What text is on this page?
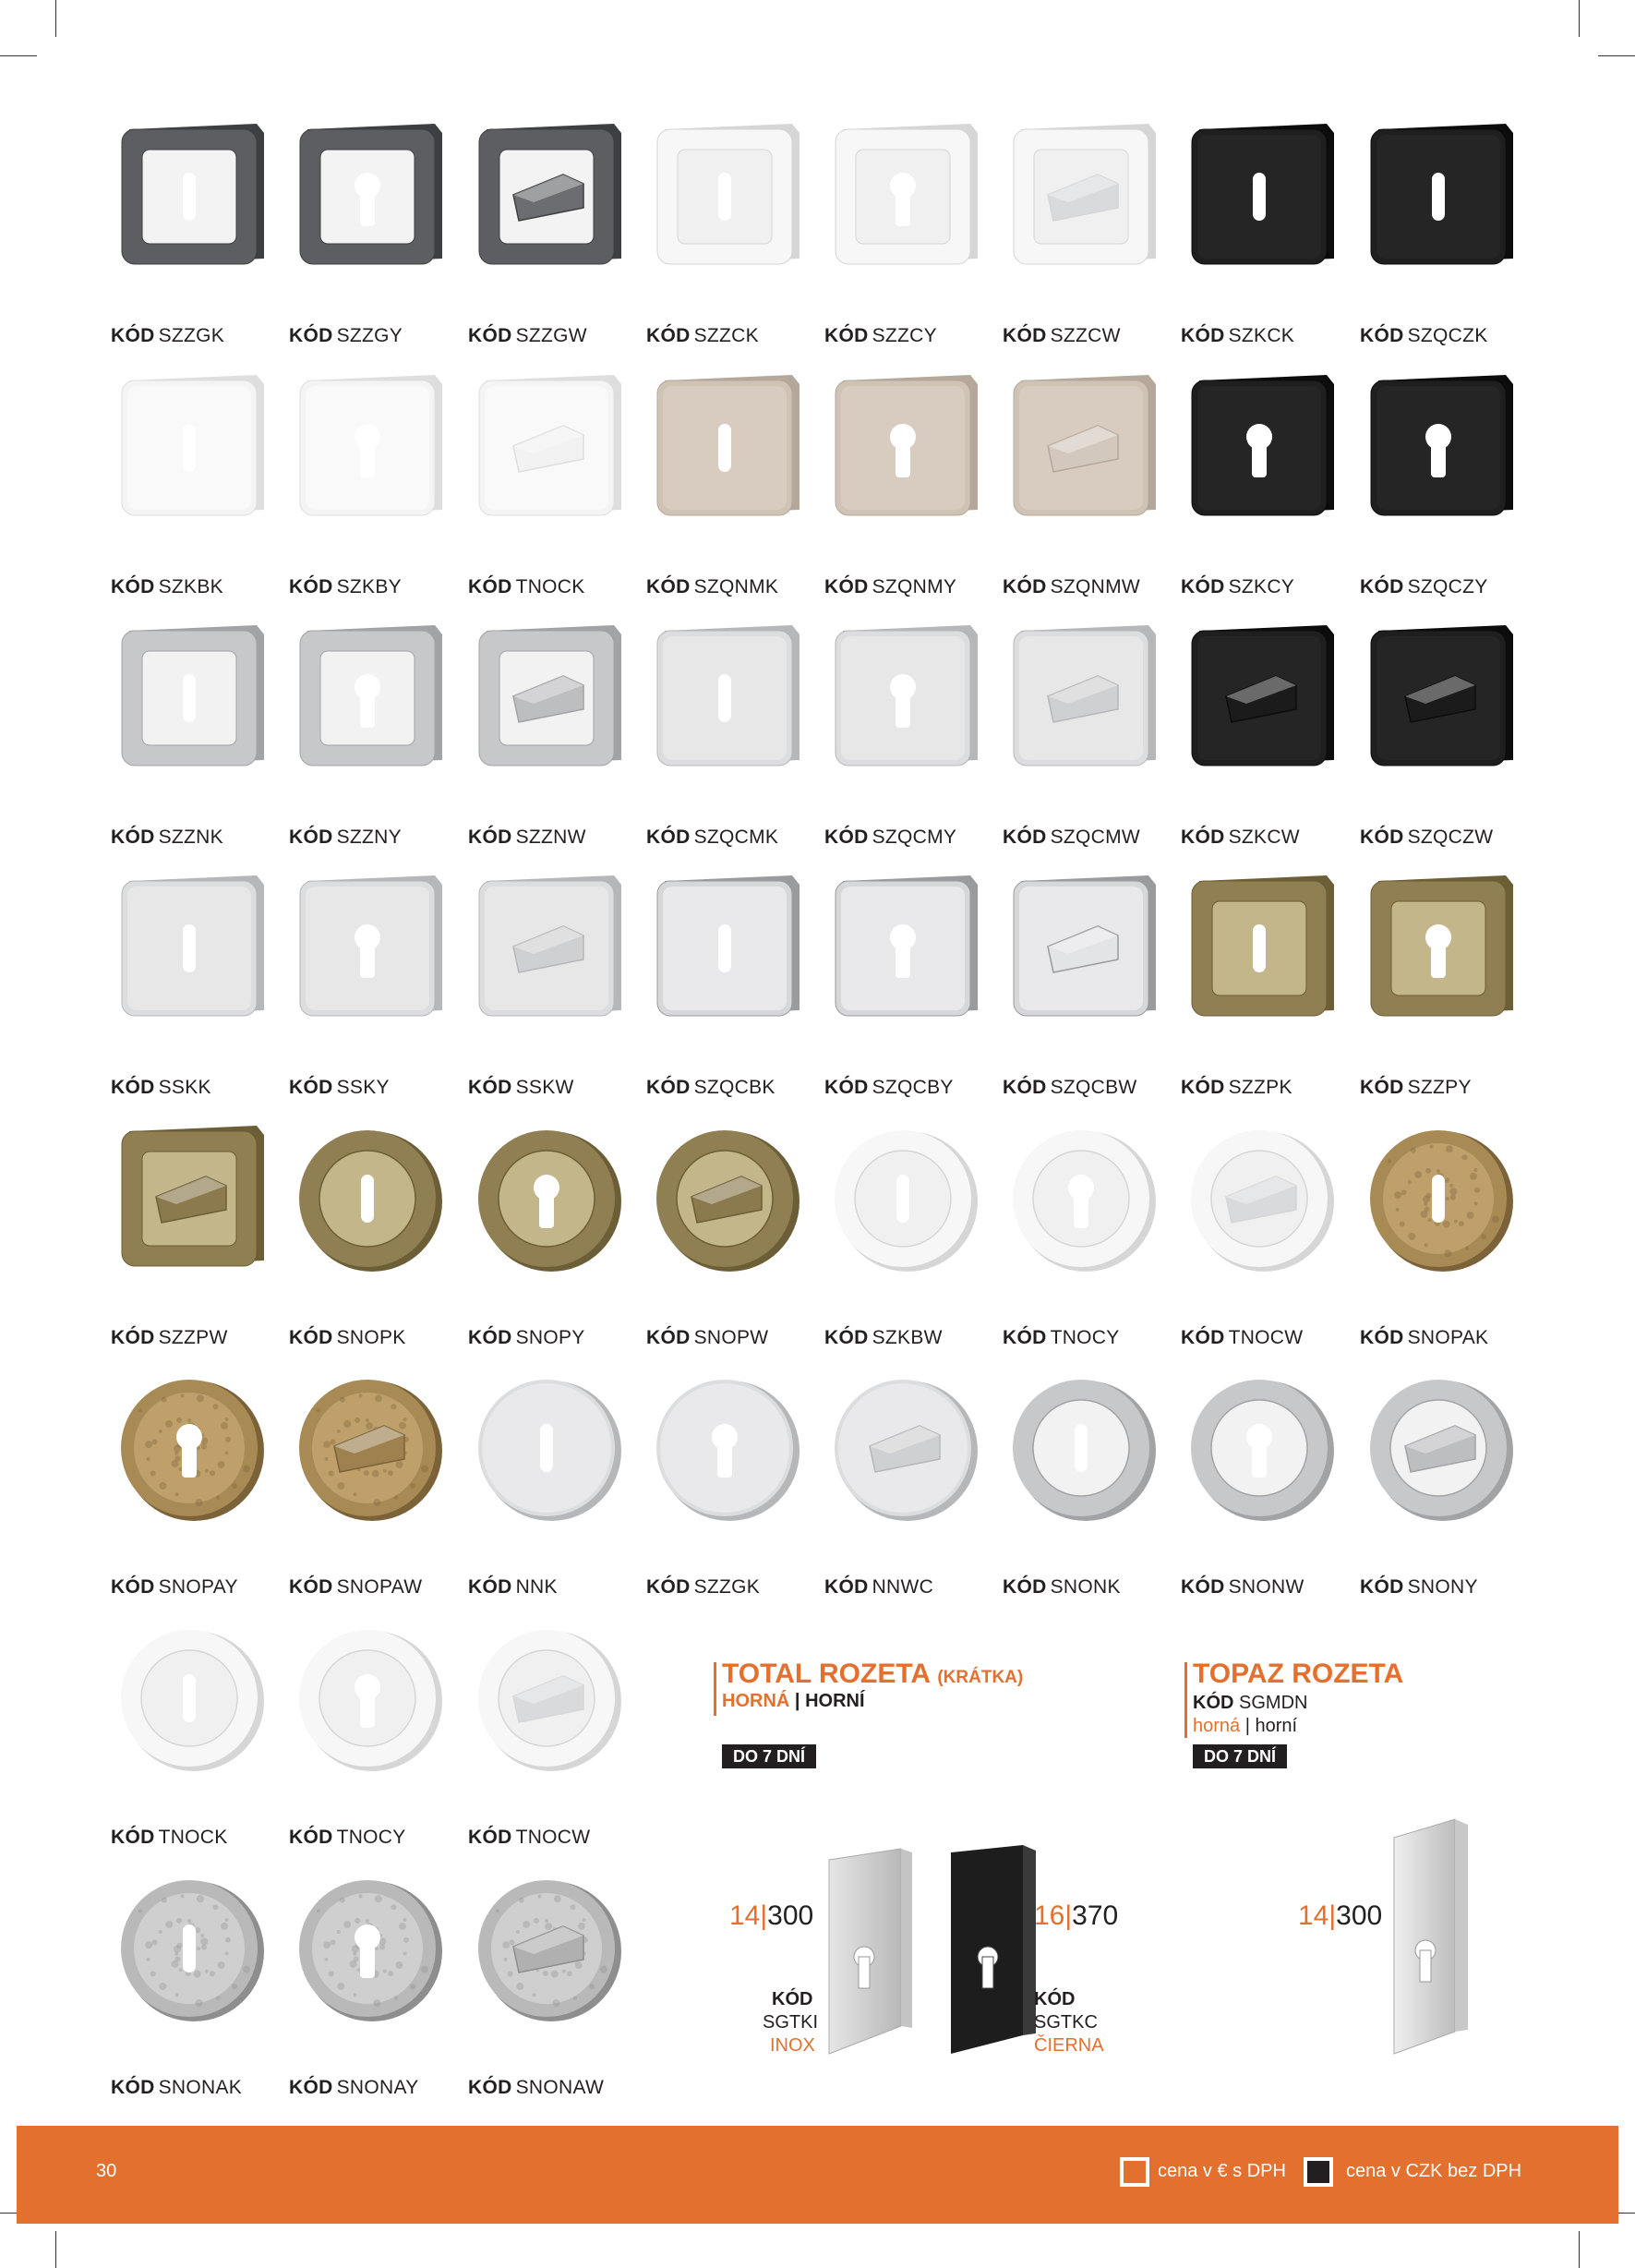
KÓD SZZGK	KÓD SZZGY	KÓD SZZGW	KÓD SZZCK	KÓD SZZCY	KÓD SZZCW	KÓD SZKCK	KÓD SZQCZK
KÓD SZKBK	KÓD SZKBY	KÓD TNOCK	KÓD SZQNMK KÓD SZQNMY KÓD SZQNMW KÓD SZKCY	KÓD SZQCZY
KÓD SZZNK	KÓD SZZNY	KÓD SZZNW	KÓD SZQCMK KÓD SZQCMY KÓD SZQCMW KÓD SZKCW	KÓD SZQCZW
KÓD SSKK	KÓD SSKY	KÓD SSKW	KÓD SZQCBK	KÓD SZQCBY	KÓD SZQCBW KÓD SZZPK	KÓD SZZPY
KÓD SZZPW	KÓD SNOPK	KÓD SNOPY	KÓD SNOPW	KÓD SZKBW	KÓD TNOCY	KÓD TNOCW	KÓD SNOPAK
KÓD SNOPAY	KÓD SNOPAW KÓD NNK	KÓD SZZGK	KÓD NNWC	KÓD SNONK	KÓD SNONW	KÓD SNONY
KÓD TNOCK	KÓD TNOCY	KÓD TNOCW
KÓD SNONAK KÓD SNONAY	KÓD SNONAW
TOTAL ROZETA (KRÁTKA)
HORNÁ | HORNÍ
DO 7 DNÍ
14|300
KÓD
SGTKI
INOX
16|370
KÓD
SGTKC
ČIERNA
TOPAZ ROZETA
KÓD SGMDN
horná | horní
DO 7 DNÍ
14|300
30	cena v € s DPH	cena v CZK bez DPH
